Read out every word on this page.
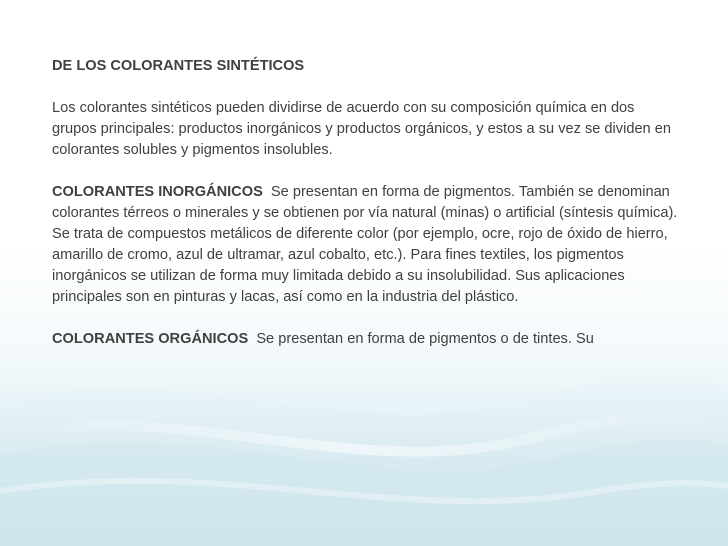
DE LOS COLORANTES SINTÉTICOS

Los colorantes sintéticos pueden dividirse de acuerdo con su composición química en dos grupos principales: productos inorgánicos y productos orgánicos, y estos a su vez se dividen en colorantes solubles y pigmentos insolubles.

COLORANTES INORGÁNICOS Se presentan en forma de pigmentos. También se denominan colorantes térreos o minerales y se obtienen por vía natural (minas) o artificial (síntesis química). Se trata de compuestos metálicos de diferente color (por ejemplo, ocre, rojo de óxido de hierro, amarillo de cromo, azul de ultramar, azul cobalto, etc.). Para fines textiles, los pigmentos inorgánicos se utilizan de forma muy limitada debido a su insolubilidad. Sus aplicaciones principales son en pinturas y lacas, así como en la industria del plástico.

COLORANTES ORGÁNICOS Se presentan en forma de pigmentos o de tintes. Su
